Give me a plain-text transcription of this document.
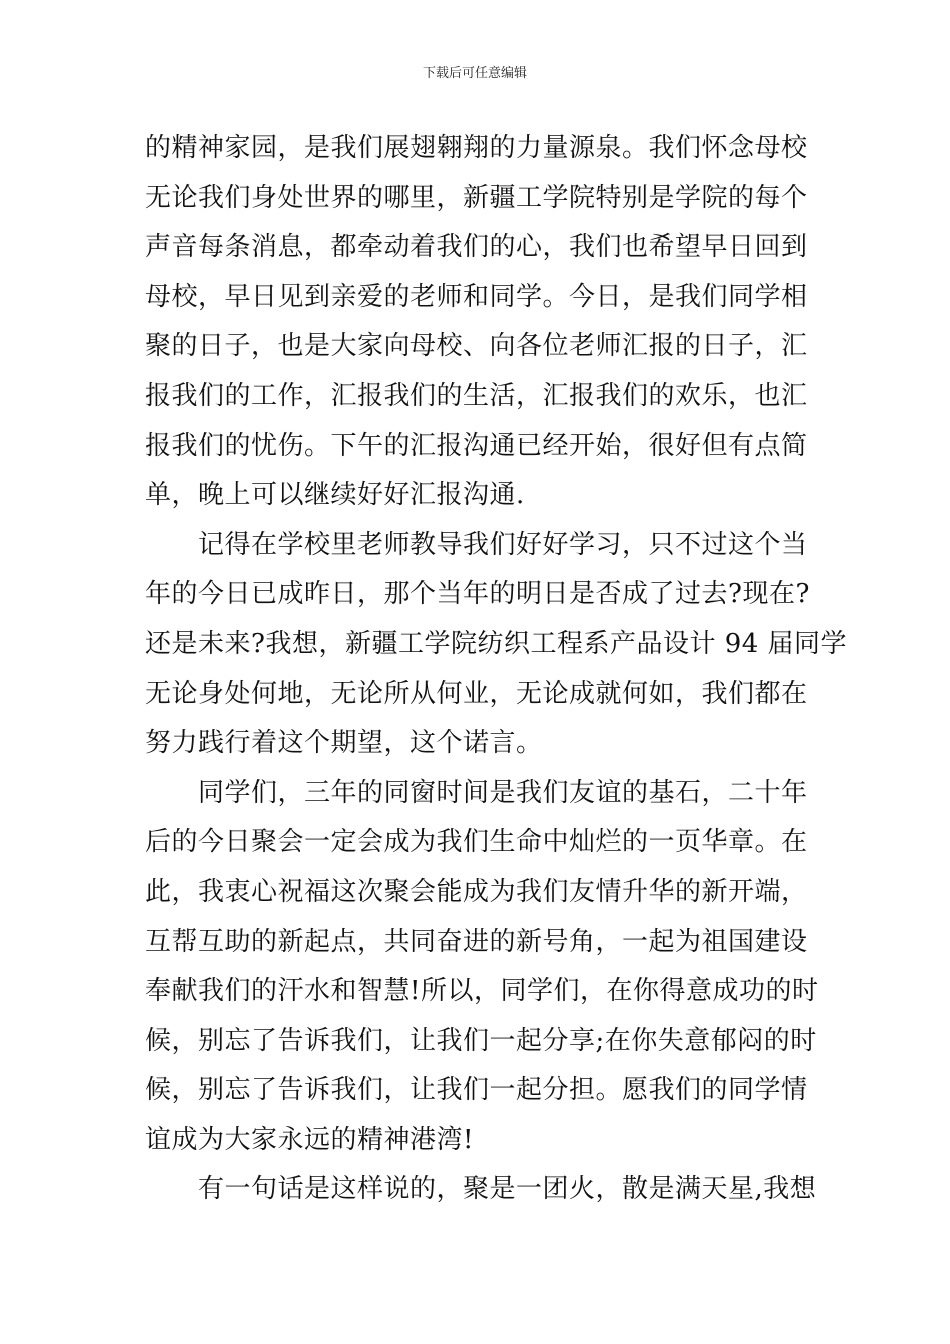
下载后可任意编辑
的精神家园，是我们展翅翱翔的力量源泉。我们怀念母校
无论我们身处世界的哪里，新疆工学院特别是学院的每个
声音每条消息，都牵动着我们的心，我们也希望早日回到
母校，早日见到亲爱的老师和同学。今日，是我们同学相
聚的日子，也是大家向母校、向各位老师汇报的日子，汇
报我们的工作，汇报我们的生活，汇报我们的欢乐，也汇
报我们的忧伤。下午的汇报沟通已经开始，很好但有点简
单，晚上可以继续好好汇报沟通.
记得在学校里老师教导我们好好学习，只不过这个当
年的今日已成昨日，那个当年的明日是否成了过去?现在?
还是未来?我想，新疆工学院纺织工程系产品设计 94 届同学
无论身处何地，无论所从何业，无论成就何如，我们都在
努力践行着这个期望，这个诺言。
同学们，三年的同窗时间是我们友谊的基石，二十年
后的今日聚会一定会成为我们生命中灿烂的一页华章。在
此，我衷心祝福这次聚会能成为我们友情升华的新开端，
互帮互助的新起点，共同奋进的新号角，一起为祖国建设
奉献我们的汗水和智慧!所以，同学们，在你得意成功的时
候，别忘了告诉我们，让我们一起分享;在你失意郁闷的时
候，别忘了告诉我们，让我们一起分担。愿我们的同学情
谊成为大家永远的精神港湾!
有一句话是这样说的，聚是一团火，散是满天星,我想
